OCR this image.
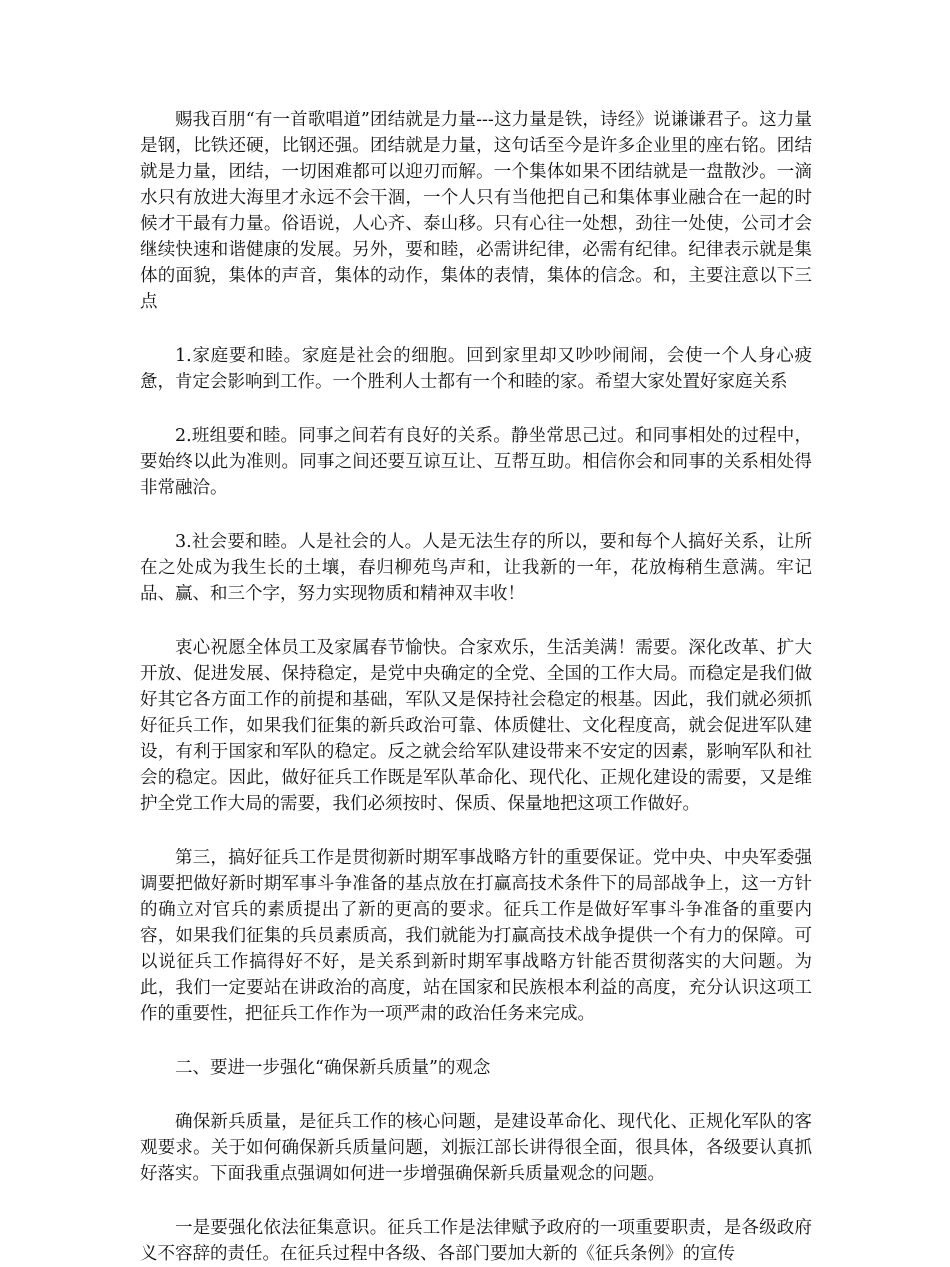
赐我百朋“有一首歌唱道”团结就是力量---这力量是铁，诗经》说谦谦君子。这力量是钢，比铁还硬，比钢还强。团结就是力量，这句话至今是许多企业里的座右铭。团结就是力量，团结，一切困难都可以迎刃而解。一个集体如果不团结就是一盘散沙。一滴水只有放进大海里才永远不会干涸，一个人只有当他把自己和集体事业融合在一起的时候才干最有力量。俗语说，人心齐、泰山移。只有心往一处想，劲往一处使，公司才会继续快速和谐健康的发展。另外，要和睦，必需讲纪律，必需有纪律。纪律表示就是集体的面貌，集体的声音，集体的动作，集体的表情，集体的信念。和，主要注意以下三点

1.家庭要和睦。家庭是社会的细胞。回到家里却又吵吵闹闹，会使一个人身心疲惫，肯定会影响到工作。一个胜利人士都有一个和睦的家。希望大家处置好家庭关系

2.班组要和睦。同事之间若有良好的关系。静坐常思己过。和同事相处的过程中，要始终以此为准则。同事之间还要互谅互让、互帮互助。相信你会和同事的关系相处得非常融洽。

3.社会要和睦。人是社会的人。人是无法生存的所以，要和每个人搞好关系，让所在之处成为我生长的土壤，春归柳苑鸟声和，让我新的一年，花放梅稍生意满。牢记品、赢、和三个字，努力实现物质和精神双丰收！

衷心祝愿全体员工及家属春节愉快。合家欢乐，生活美满！需要。深化改革、扩大开放、促进发展、保持稳定，是党中央确定的全党、全国的工作大局。而稳定是我们做好其它各方面工作的前提和基础，军队又是保持社会稳定的根基。因此，我们就必须抓好征兵工作，如果我们征集的新兵政治可靠、体质健壮、文化程度高，就会促进军队建设，有利于国家和军队的稳定。反之就会给军队建设带来不安定的因素，影响军队和社会的稳定。因此，做好征兵工作既是军队革命化、现代化、正规化建设的需要，又是维护全党工作大局的需要，我们必须按时、保质、保量地把这项工作做好。

第三，搞好征兵工作是贯彻新时期军事战略方针的重要保证。党中央、中央军委强调要把做好新时期军事斗争准备的基点放在打赢高技术条件下的局部战争上，这一方针的确立对官兵的素质提出了新的更高的要求。征兵工作是做好军事斗争准备的重要内容，如果我们征集的兵员素质高，我们就能为打赢高技术战争提供一个有力的保障。可以说征兵工作搞得好不好，是关系到新时期军事战略方针能否贯彻落实的大问题。为此，我们一定要站在讲政治的高度，站在国家和民族根本利益的高度，充分认识这项工作的重要性，把征兵工作作为一项严肃的政治任务来完成。

二、要进一步强化“确保新兵质量”的观念

确保新兵质量，是征兵工作的核心问题，是建设革命化、现代化、正规化军队的客观要求。关于如何确保新兵质量问题，刘振江部长讲得很全面，很具体，各级要认真抓好落实。下面我重点强调如何进一步增强确保新兵质量观念的问题。

一是要强化依法征集意识。征兵工作是法律赋予政府的一项重要职责，是各级政府义不容辞的责任。在征兵过程中各级、各部门要加大新的《征兵条例》的宣传
